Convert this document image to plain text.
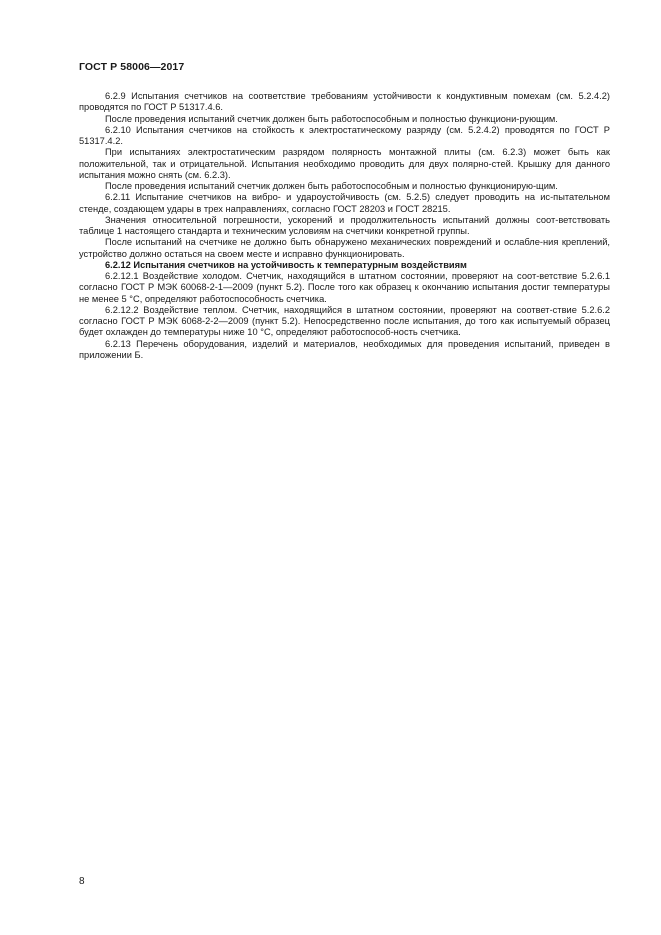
ГОСТ Р 58006—2017

6.2.9 Испытания счетчиков на соответствие требованиям устойчивости к кондуктивным помехам (см. 5.2.4.2) проводятся по ГОСТ Р 51317.4.6.

После проведения испытаний счетчик должен быть работоспособным и полностью функциони-рующим.

6.2.10 Испытания счетчиков на стойкость к электростатическому разряду (см. 5.2.4.2) проводятся по ГОСТ Р 51317.4.2.

При испытаниях электростатическим разрядом полярность монтажной плиты (см. 6.2.3) может быть как положительной, так и отрицательной. Испытания необходимо проводить для двух полярно-стей. Крышку для данного испытания можно снять (см. 6.2.3).

После проведения испытаний счетчик должен быть работоспособным и полностью функционирую-щим.

6.2.11 Испытание счетчиков на вибро- и удароустойчивость (см. 5.2.5) следует проводить на ис-пытательном стенде, создающем удары в трех направлениях, согласно ГОСТ 28203 и ГОСТ 28215.

Значения относительной погрешности, ускорений и продолжительность испытаний должны соот-ветствовать таблице 1 настоящего стандарта и техническим условиям на счетчики конкретной группы.

После испытаний на счетчике не должно быть обнаружено механических повреждений и ослабле-ния креплений, устройство должно остаться на своем месте и исправно функционировать.

6.2.12 Испытания счетчиков на устойчивость к температурным воздействиям

6.2.12.1 Воздействие холодом. Счетчик, находящийся в штатном состоянии, проверяют на соот-ветствие 5.2.6.1 согласно ГОСТ Р МЭК 60068-2-1—2009 (пункт 5.2). После того как образец к окончанию испытания достиг температуры не менее 5 °С, определяют работоспособность счетчика.

6.2.12.2 Воздействие теплом. Счетчик, находящийся в штатном состоянии, проверяют на соответ-ствие 5.2.6.2 согласно ГОСТ Р МЭК 6068-2-2—2009 (пункт 5.2). Непосредственно после испытания, до того как испытуемый образец будет охлажден до температуры ниже 10 °С, определяют работоспособ-ность счетчика.

6.2.13 Перечень оборудования, изделий и материалов, необходимых для проведения испытаний, приведен в приложении Б.

8
